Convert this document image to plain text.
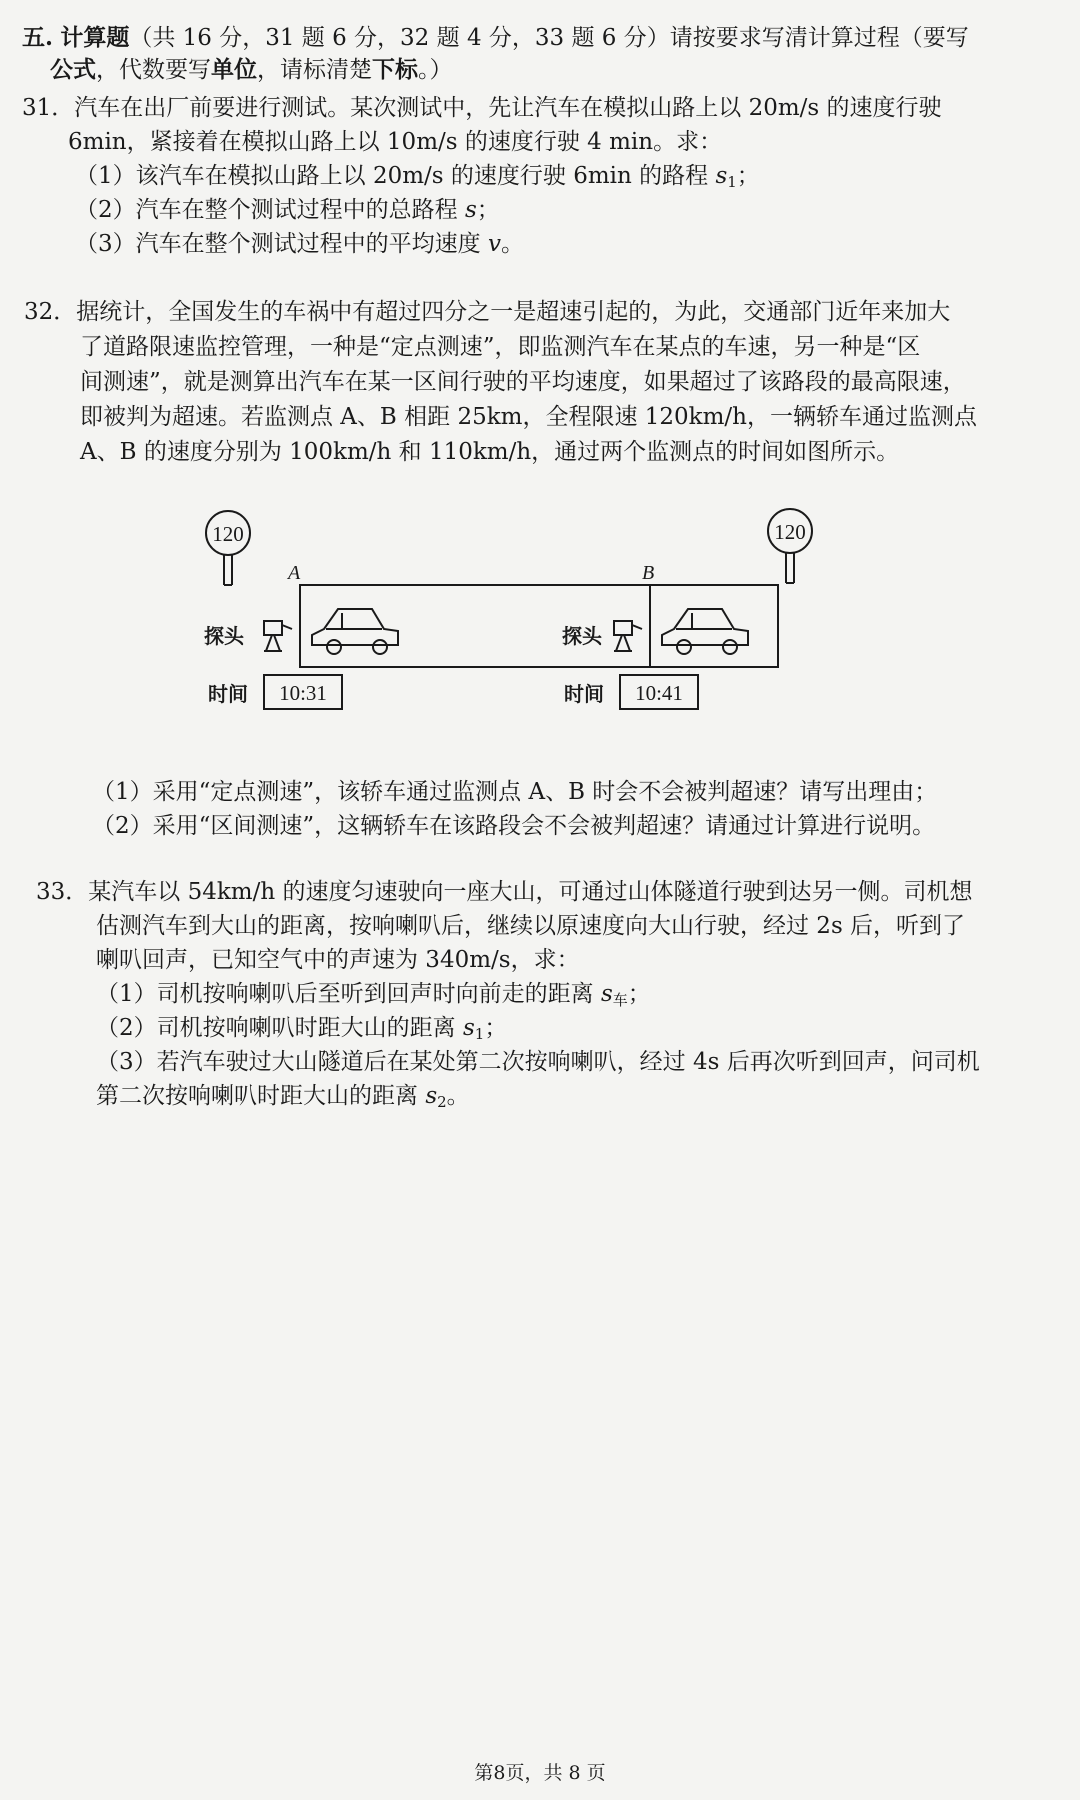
五. 计算题（共 16 分，31 题 6 分，32 题 4 分，33 题 6 分）请按要求写清计算过程（要写
公式，代数要写单位，请标清楚下标。）
31．汽车在出厂前要进行测试。某次测试中，先让汽车在模拟山路上以 20m/s 的速度行驶
6min，紧接着在模拟山路上以 10m/s 的速度行驶 4 min。求：
（1）该汽车在模拟山路上以 20m/s 的速度行驶 6min 的路程 $s_1$；
（2）汽车在整个测试过程中的总路程 s；
（3）汽车在整个测试过程中的平均速度 v。
32．据统计，全国发生的车祸中有超过四分之一是超速引起的，为此，交通部门近年来加大
了道路限速监控管理，一种是“定点测速”，即监测汽车在某点的车速，另一种是“区
间测速”，就是测算出汽车在某一区间行驶的平均速度，如果超过了该路段的最高限速，
即被判为超速。若监测点 A、B 相距 25km，全程限速 120km/h，一辆轿车通过监测点
A、B 的速度分别为 100km/h 和 110km/h，通过两个监测点的时间如图所示。
120	120
A	B
探头	探头
时间	时间
10:31	10:41
（1）采用“定点测速”，该轿车通过监测点 A、B 时会不会被判超速？请写出理由；
（2）采用“区间测速”，这辆轿车在该路段会不会被判超速？请通过计算进行说明。
33．某汽车以 54km/h 的速度匀速驶向一座大山，可通过山体隧道行驶到达另一侧。司机想
估测汽车到大山的距离，按响喇叭后，继续以原速度向大山行驶，经过 2s 后，听到了
喇叭回声，已知空气中的声速为 340m/s，求：
（1）司机按响喇叭后至听到回声时向前走的距离 $s_车$；
（2）司机按响喇叭时距大山的距离 $s_1$；
（3）若汽车驶过大山隧道后在某处第二次按响喇叭，经过 4s 后再次听到回声，问司机
第二次按响喇叭时距大山的距离 $s_2$。
第8页，共 8 页
